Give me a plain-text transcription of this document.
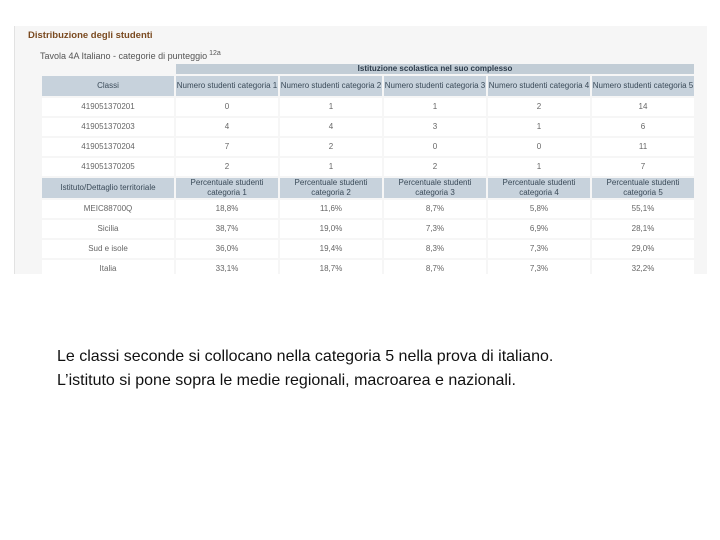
Distribuzione degli studenti
Tavola 4A Italiano - categorie di punteggio $^{12a}$
	Istituzione scolastica nel suo complesso				
Classi	Numero studenti categoria 1	Numero studenti categoria 2	Numero studenti categoria 3	Numero studenti categoria 4	Numero studenti categoria 5
419051370201	0	1	1	2	14
419051370203	4	4	3	1	6
419051370204	7	2	0	0	11
419051370205	2	1	2	1	7
Istituto/Dettaglio territoriale	Percentuale studenti categoria 1	Percentuale studenti categoria 2	Percentuale studenti categoria 3	Percentuale studenti categoria 4	Percentuale studenti categoria 5
MEIC88700Q	18,8%	11,6%	8,7%	5,8%	55,1%
Sicilia	38,7%	19,0%	7,3%	6,9%	28,1%
Sud e isole	36,0%	19,4%	8,3%	7,3%	29,0%
Italia	33,1%	18,7%	8,7%	7,3%	32,2%
Le classi seconde si collocano nella categoria 5 nella prova di italiano.
L’istituto si pone sopra le medie regionali, macroarea e nazionali.
